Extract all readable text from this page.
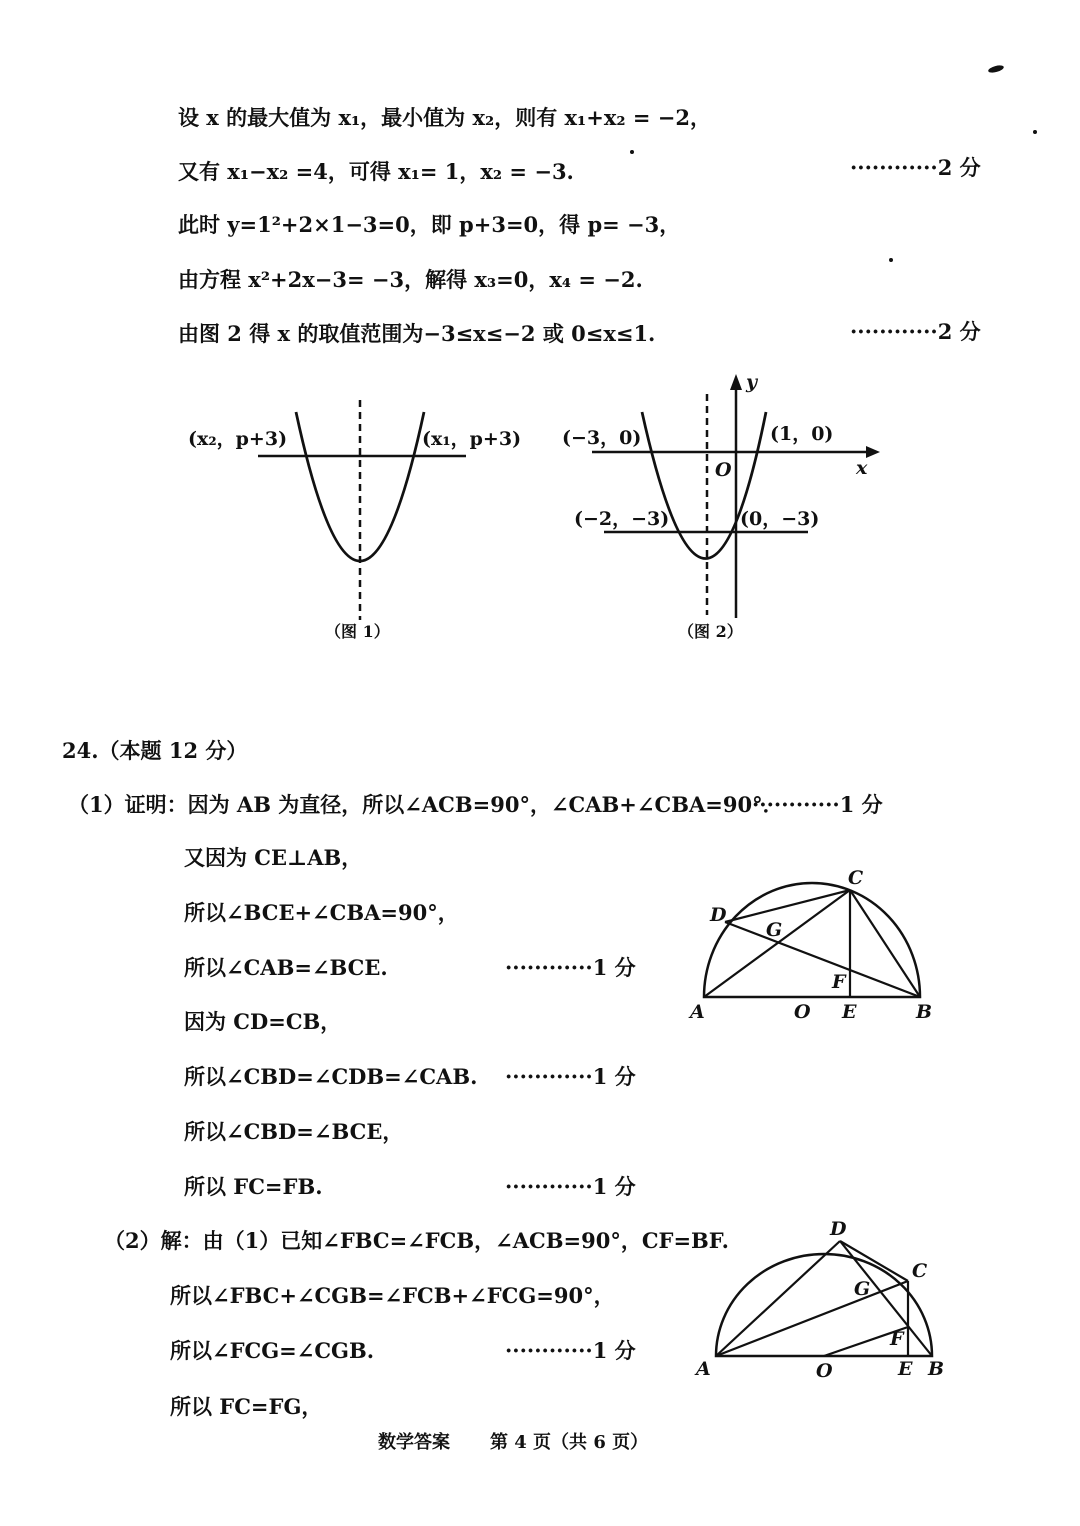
设 x 的最大值为 x₁，最小值为 x₂，则有 x₁+x₂ = −2，
又有 x₁−x₂ =4，可得 x₁= 1，x₂ = −3.	············2 分
此时 y=1²+2×1−3=0，即 p+3=0，得 p= −3，
由方程 x²+2x−3= −3，解得 x₃=0，x₄ = −2.
由图 2 得 x 的取值范围为−3≤x≤−2 或 0≤x≤1.	············2 分
(x₂，p+3)	(x₁，p+3)
（图 1）
y
x
O
(−3，0)	(1，0)
(−2，−3)	(0，−3)
（图 2）
24.（本题 12 分）
（1）证明：因为 AB 为直径，所以∠ACB=90°，∠CAB+∠CBA=90°．
············1 分
又因为 CE⊥AB，
所以∠BCE+∠CBA=90°，
所以∠CAB=∠BCE.	············1 分
因为 CD=CB，
所以∠CBD=∠CDB=∠CAB. ············1 分
所以∠CBD=∠BCE，
所以 FC=FB.	············1 分
（2）解：由（1）已知∠FBC=∠FCB，∠ACB=90°，CF=BF.
所以∠FBC+∠CGB=∠FCB+∠FCG=90°，
所以∠FCG=∠CGB.	············1 分
所以 FC=FG，
A	O E	B
C
D
G
F
A	O	E B
C
D
G
F
数学答案 第 4 页（共 6 页）
